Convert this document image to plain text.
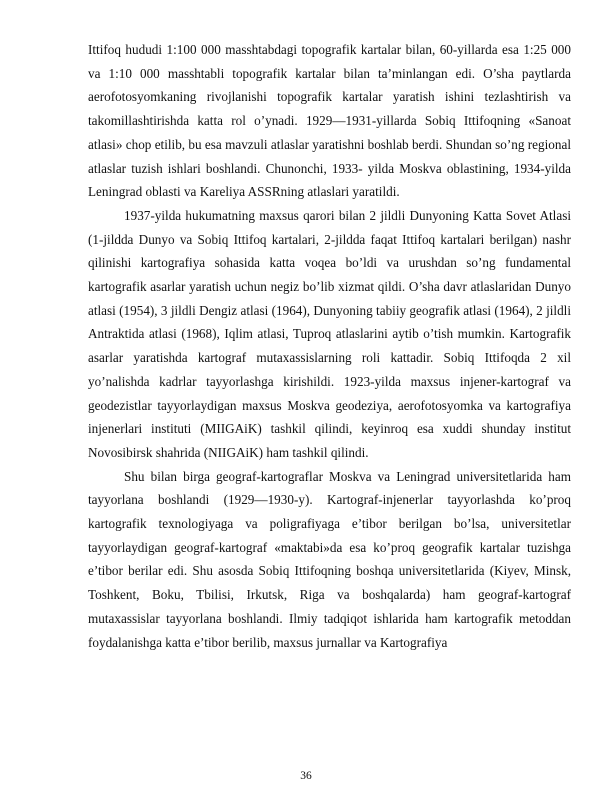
Ittifoq hududi 1:100 000 masshtabdagi topografik kartalar bilan, 60-yillarda esa 1:25 000 va 1:10 000 masshtabli topografik kartalar bilan ta’minlangan edi. O’sha paytlarda aerofotosyomkaning rivojlanishi topografik kartalar yaratish ishini tezlashtirish va takomillashtirishda katta rol o’ynadi. 1929—1931-yillarda Sobiq Ittifoqning «Sanoat atlasi» chop etilib, bu esa mavzuli atlaslar yaratishni boshlab berdi. Shundan so’ng regional atlaslar tuzish ishlari boshlandi. Chunonchi, 1933- yilda Moskva oblastining, 1934-yilda Leningrad oblasti va Kareliya ASSRning atlaslari yaratildi.

1937-yilda hukumatning maxsus qarori bilan 2 jildli Dunyoning Katta Sovet Atlasi (1-jildda Dunyo va Sobiq Ittifoq kartalari, 2-jildda faqat Ittifoq kartalari berilgan) nashr qilinishi kartografiya sohasida katta voqea bo’ldi va urushdan so’ng fundamental kartografik asarlar yaratish uchun negiz bo’lib xizmat qildi. O’sha davr atlaslaridan Dunyo atlasi (1954), 3 jildli Dengiz atlasi (1964), Dunyoning tabiiy geografik atlasi (1964), 2 jildli Antraktida atlasi (1968), Iqlim atlasi, Tuproq atlaslarini aytib o’tish mumkin. Kartografik asarlar yaratishda kartograf mutaxassislarning roli kattadir. Sobiq Ittifoqda 2 xil yo’nalishda kadrlar tayyorlashga kirishildi. 1923-yilda maxsus injener-kartograf va geodezistlar tayyorlaydigan maxsus Moskva geodeziya, aerofotosyomka va kartografiya injenerlari instituti (MIIGAiK) tashkil qilindi, keyinroq esa xuddi shunday institut Novosibirsk shahrida (NIIGAiK) ham tashkil qilindi.

Shu bilan birga geograf-kartograflar Moskva va Leningrad universitetlarida ham tayyorlana boshlandi (1929—1930-y). Kartograf-injenerlar tayyorlashda ko’proq kartografik texnologiyaga va poligrafiyaga e’tibor berilgan bo’lsa, universitetlar tayyorlaydigan geograf-kartograf «maktabi»da esa ko’proq geografik kartalar tuzishga e’tibor berilar edi. Shu asosda Sobiq Ittifoqning boshqa universitetlarida (Kiyev, Minsk, Toshkent, Boku, Tbilisi, Irkutsk, Riga va boshqalarda) ham geograf-kartograf mutaxassislar tayyorlana boshlandi. Ilmiy tadqiqot ishlarida ham kartografik metoddan foydalanishga katta e’tibor berilib, maxsus jurnallar va Kartografiya

36
